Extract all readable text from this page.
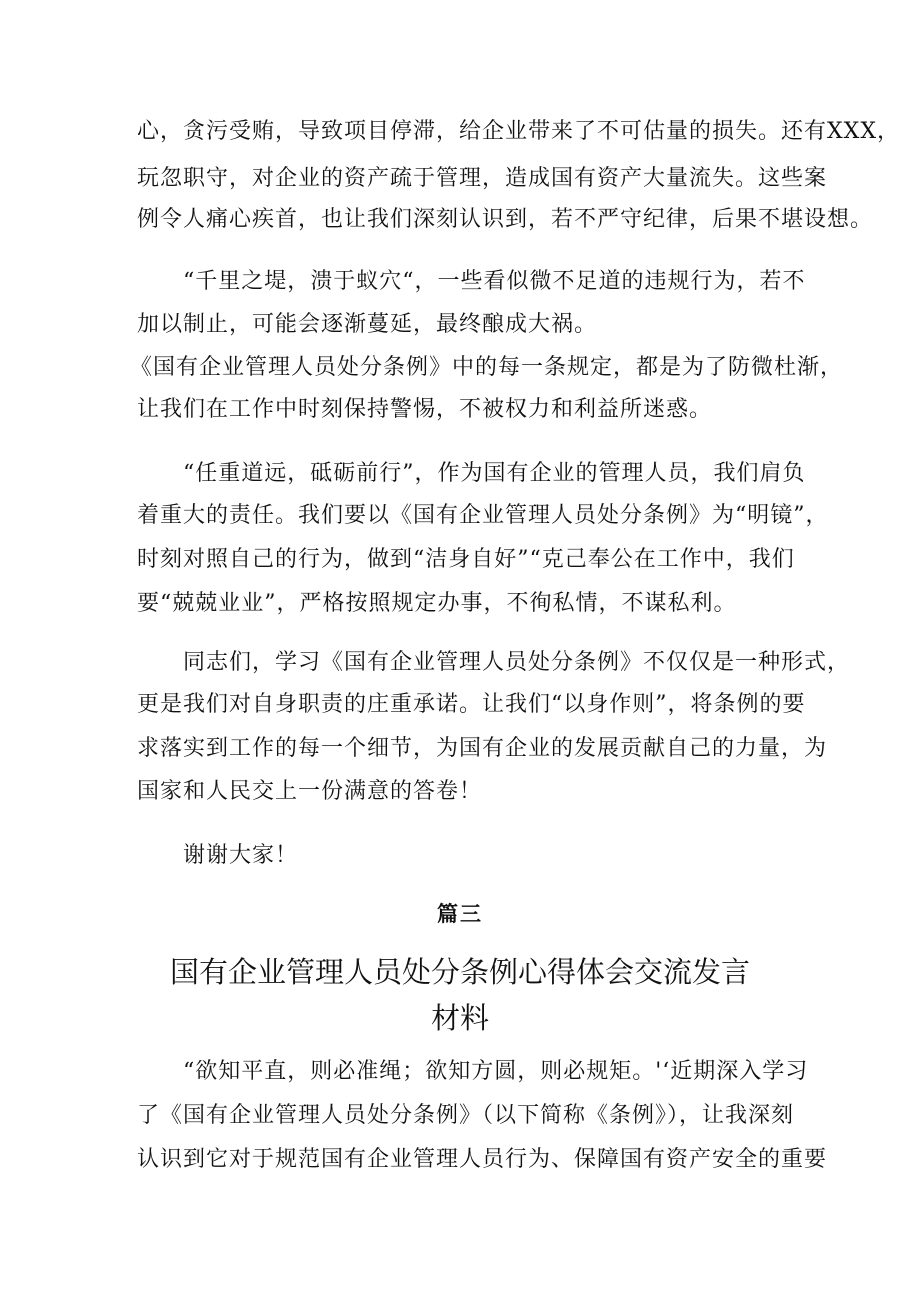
心，贪污受贿，导致项目停滞，给企业带来了不可估量的损失。还有XXX，
玩忽职守，对企业的资产疏于管理，造成国有资产大量流失。这些案
例令人痛心疾首，也让我们深刻认识到，若不严守纪律，后果不堪设想。
“千里之堤，溃于蚁穴“，一些看似微不足道的违规行为，若不
加以制止，可能会逐渐蔓延，最终酿成大祸。
《国有企业管理人员处分条例》中的每一条规定，都是为了防微杜渐，
让我们在工作中时刻保持警惕，不被权力和利益所迷惑。
“任重道远，砥砺前行”，作为国有企业的管理人员，我们肩负
着重大的责任。我们要以《国有企业管理人员处分条例》为“明镜”，
时刻对照自己的行为，做到“洁身自好”“克己奉公在工作中，我们
要“兢兢业业”，严格按照规定办事，不徇私情，不谋私利。
同志们，学习《国有企业管理人员处分条例》不仅仅是一种形式，
更是我们对自身职责的庄重承诺。让我们“以身作则”，将条例的要
求落实到工作的每一个细节，为国有企业的发展贡献自己的力量，为
国家和人民交上一份满意的答卷！
谢谢大家！
篇三
国有企业管理人员处分条例心得体会交流发言
材料
“欲知平直，则必准绳；欲知方圆，则必规矩。'‘近期深入学习
了《国有企业管理人员处分条例》（以下简称《条例》），让我深刻
认识到它对于规范国有企业管理人员行为、保障国有资产安全的重要
